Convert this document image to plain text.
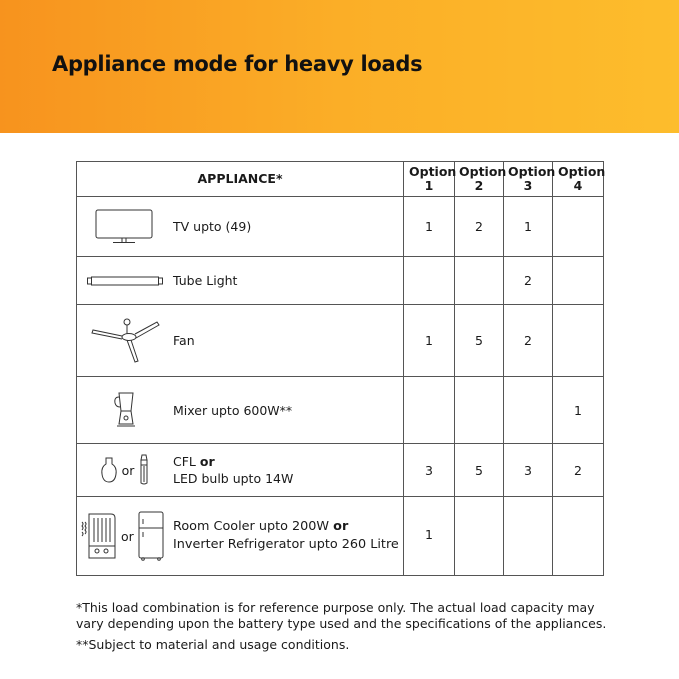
Appliance mode for heavy loads
APPLIANCE*	Option 1	Option 2	Option 3	Option 4

TV upto (49)	1	2	1	

Tube Light			2	

Fan	1	5	2	

Mixer upto 600W**				1

or
CFL or
LED bulb upto 14W	3	5	3	2

or
Room Cooler upto 200W or
Inverter Refrigerator upto 260 Litre	1			

*This load combination is for reference purpose only. The actual load capacity may vary depending upon the battery type used and the specifications of the appliances.

**Subject to material and usage conditions.
